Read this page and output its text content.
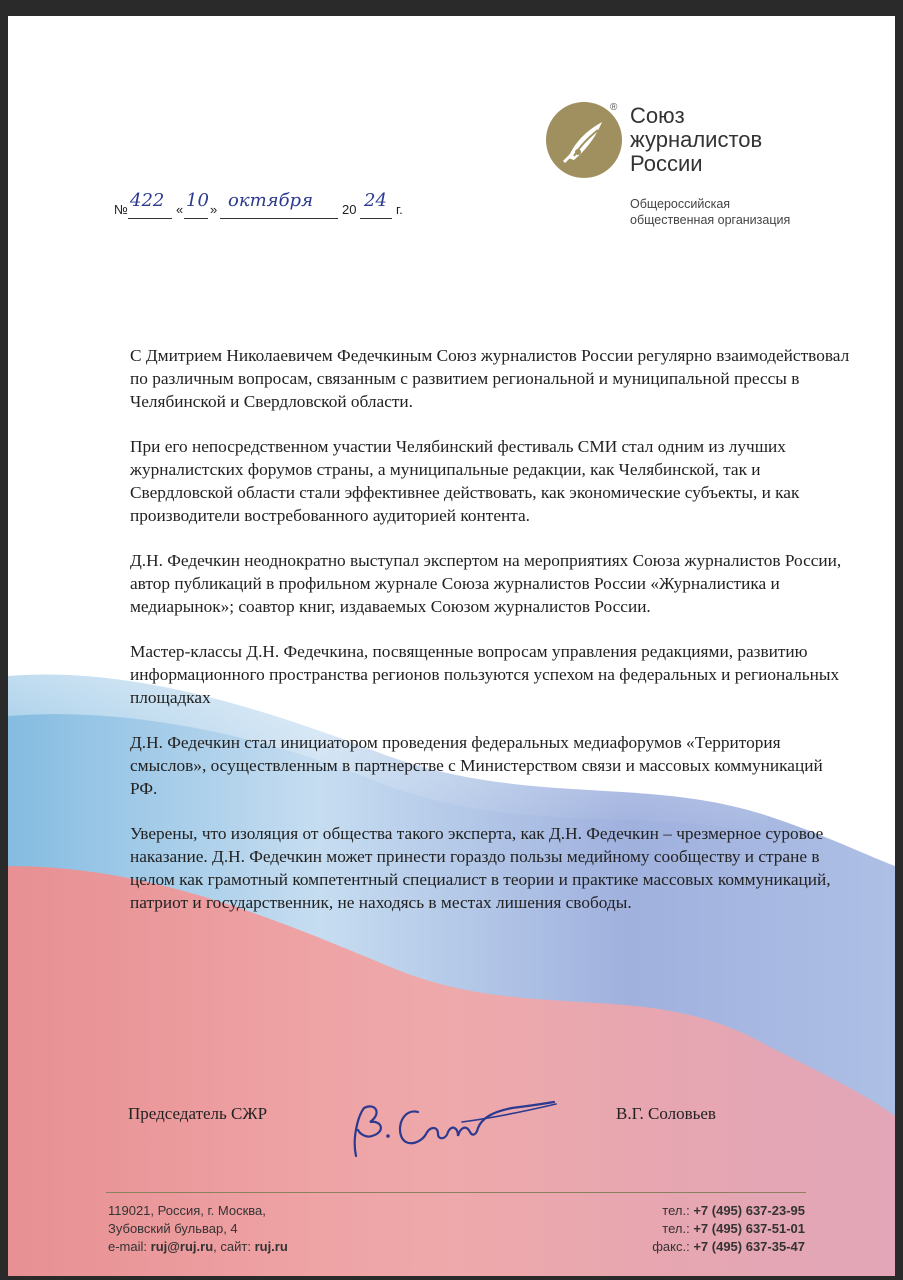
® Союз
журналистов
России
Общероссийская
общественная организация
№ 422 « 10 » октября 20 24 г.

С Дмитрием Николаевичем Федечкиным Союз журналистов России регулярно взаимодействовал по различным вопросам, связанным с развитием региональной и муниципальной прессы в Челябинской и Свердловской области.

При его непосредственном участии Челябинский фестиваль СМИ стал одним из лучших журналистских форумов страны, а муниципальные редакции, как Челябинской, так и Свердловской области стали эффективнее действовать, как экономические субъекты, и как производители востребованного аудиторией контента.

Д.Н. Федечкин неоднократно выступал экспертом на мероприятиях Союза журналистов России, автор публикаций в профильном журнале Союза журналистов России «Журналистика и медиарынок»; соавтор книг, издаваемых Союзом журналистов России.

Мастер-классы Д.Н. Федечкина, посвященные вопросам управления редакциями, развитию информационного пространства регионов пользуются успехом на федеральных и региональных площадках

Д.Н. Федечкин стал инициатором проведения федеральных медиафорумов «Территория смыслов», осуществленным в партнерстве с Министерством связи и массовых коммуникаций РФ.

Уверены, что изоляция от общества такого эксперта, как Д.Н. Федечкин – чрезмерное суровое наказание. Д.Н. Федечкин может принести гораздо пользы медийному сообществу и стране в целом как грамотный компетентный специалист в теории и практике массовых коммуникаций, патриот и государственник, не находясь в местах лишения свободы.

Председатель СЖР	В.Г. Соловьев
119021, Россия, г. Москва,
Зубовский бульвар, 4
e-mail: ruj@ruj.ru, сайт: ruj.ru
тел.: +7 (495) 637-23-95
тел.: +7 (495) 637-51-01
факс.: +7 (495) 637-35-47
